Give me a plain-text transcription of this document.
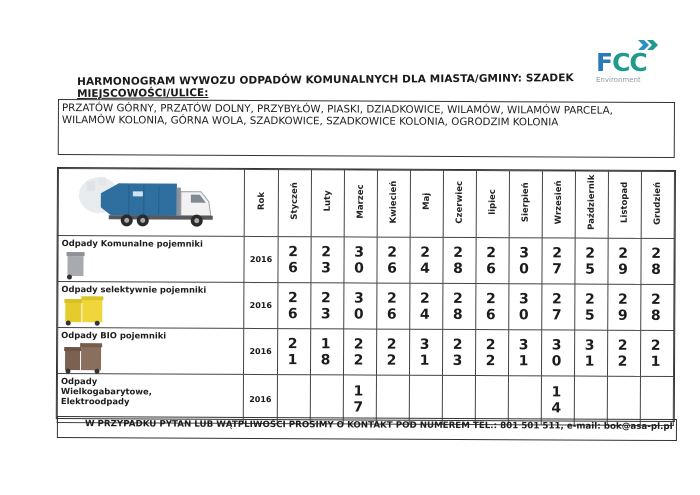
FCC
Environment
HARMONOGRAM WYWOZU ODPADÓW KOMUNALNYCH DLA MIASTA/GMINY: SZADEK
MIEJSCOWOŚCI/ULICE:
PRZATÓW GÓRNY, PRZATÓW DOLNY, PRZYBYŁÓW, PIASKI, DZIADKOWICE, WILAMÓW, WILAMÓW PARCELA, WILAMÓW KOLONIA, GÓRNA WOLA, SZADKOWICE, SZADKOWICE KOLONIA, OGRODZIM KOLONIA
	Rok	Styczeń	Luty	Marzec	Kwiecień	Maj	Czerwiec	lipiec	Sierpień	Wrzesień	Październik	Listopad	Grudzień

Odpady Komunalne pojemniki	2016	2 6	2 3	3 0	2 6	2 4	2 8	2 6	3 0	2 7	2 5	2 9	2 8

Odpady selektywnie pojemniki	2016	2 6	2 3	3 0	2 6	2 4	2 8	2 6	3 0	2 7	2 5	2 9	2 8

Odpady BIO pojemniki	2016	2 1	1 8	2 2	2 2	3 1	2 3	2 2	3 1	3 0	3 1	2 2	2 1

Odpady Wielkogabarytowe, Elektroodpady	2016			1 7						1 4			
W PRZYPADKU PYTAŃ LUB WĄTPLIWOŚCI PROSIMY O KONTAKT POD NUMEREM TEL.: 801 501 511, e-mail: bok@asa-pl.pl
